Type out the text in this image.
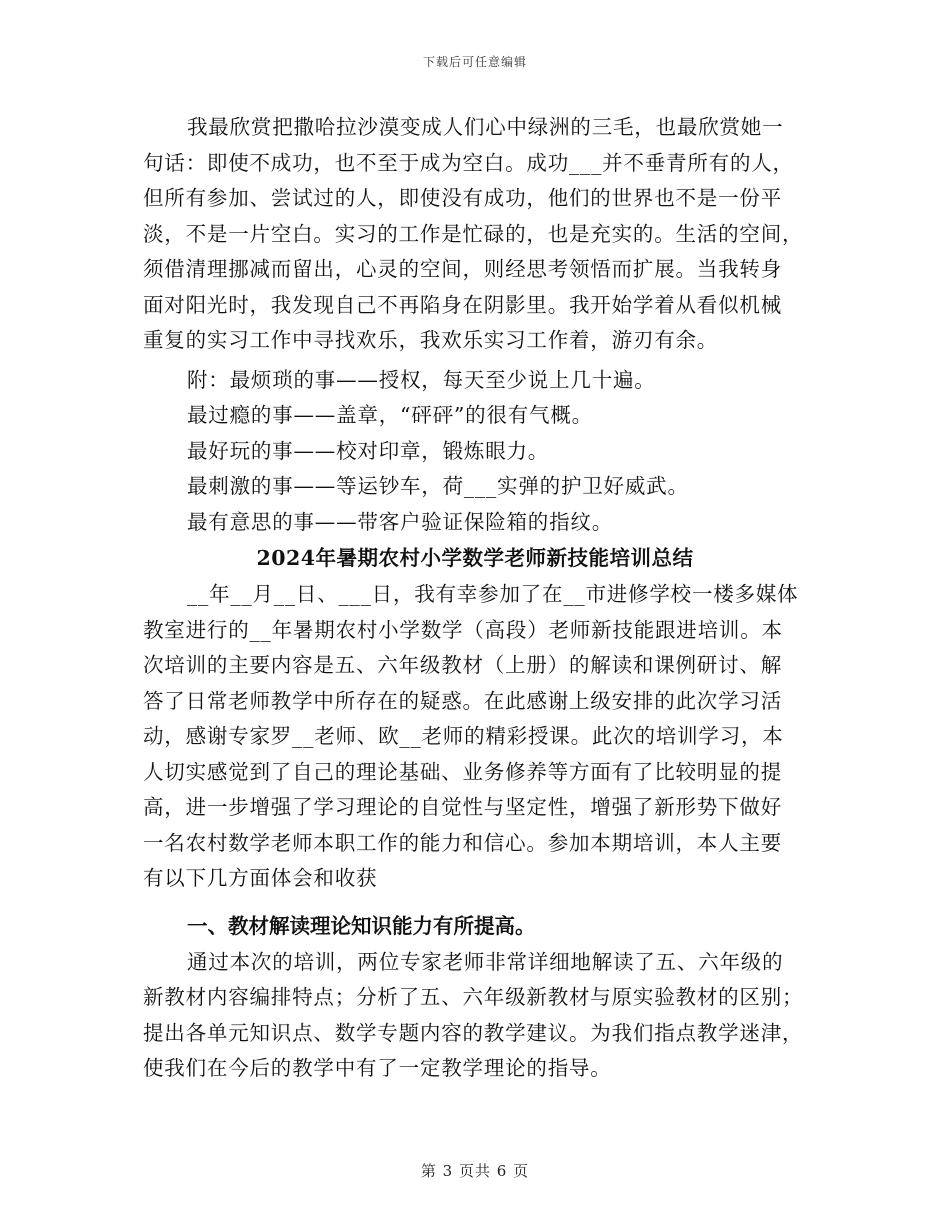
下载后可任意编辑
我最欣赏把撒哈拉沙漠变成人们心中绿洲的三毛，也最欣赏她一
句话：即使不成功，也不至于成为空白。成功___并不垂青所有的人，
但所有参加、尝试过的人，即使没有成功，他们的世界也不是一份平
淡，不是一片空白。实习的工作是忙碌的，也是充实的。生活的空间，
须借清理挪减而留出，心灵的空间，则经思考领悟而扩展。当我转身
面对阳光时，我发现自己不再陷身在阴影里。我开始学着从看似机械
重复的实习工作中寻找欢乐，我欢乐实习工作着，游刃有余。
附：最烦琐的事——授权，每天至少说上几十遍。
最过瘾的事——盖章，“砰砰”的很有气概。
最好玩的事——校对印章，锻炼眼力。
最刺激的事——等运钞车，荷___实弹的护卫好威武。
最有意思的事——带客户验证保险箱的指纹。
2024年暑期农村小学数学老师新技能培训总结
__年__月__日、___日，我有幸参加了在__市进修学校一楼多媒体
教室进行的__年暑期农村小学数学（高段）老师新技能跟进培训。本
次培训的主要内容是五、六年级教材（上册）的解读和课例研讨、解
答了日常老师教学中所存在的疑惑。在此感谢上级安排的此次学习活
动，感谢专家罗__老师、欧__老师的精彩授课。此次的培训学习，本
人切实感觉到了自己的理论基础、业务修养等方面有了比较明显的提
高，进一步增强了学习理论的自觉性与坚定性，增强了新形势下做好
一名农村数学老师本职工作的能力和信心。参加本期培训，本人主要
有以下几方面体会和收获
一、教材解读理论知识能力有所提高。
通过本次的培训，两位专家老师非常详细地解读了五、六年级的
新教材内容编排特点；分析了五、六年级新教材与原实验教材的区别；
提出各单元知识点、数学专题内容的教学建议。为我们指点教学迷津，
使我们在今后的教学中有了一定教学理论的指导。
第 3 页共 6 页
